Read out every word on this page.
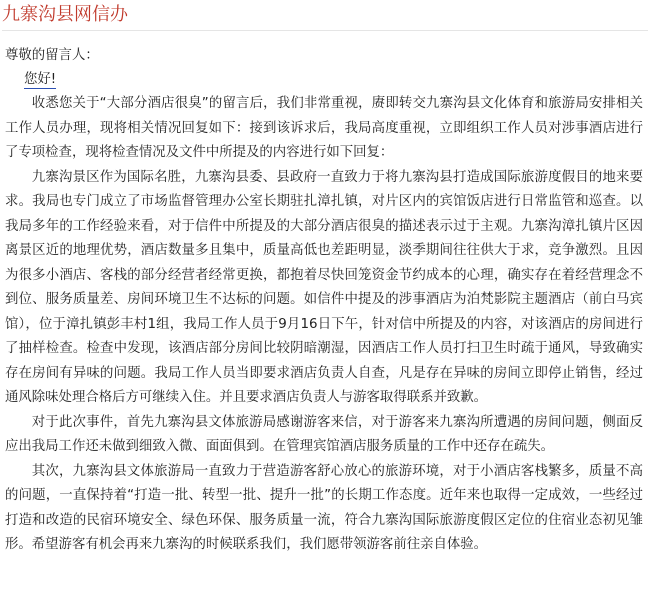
九寨沟县网信办
尊敬的留言人：
您好!

收悉您关于“大部分酒店很臭”的留言后，我们非常重视，赓即转交九寨沟县文化体育和旅游局安排相关工作人员办理，现将相关情况回复如下：接到该诉求后，我局高度重视，立即组织工作人员对涉事酒店进行了专项检查，现将检查情况及文件中所提及的内容进行如下回复：

九寨沟景区作为国际名胜，九寨沟县委、县政府一直致力于将九寨沟县打造成国际旅游度假目的地来要求。我局也专门成立了市场监督管理办公室长期驻扎漳扎镇，对片区内的宾馆饭店进行日常监管和巡查。以我局多年的工作经验来看，对于信件中所提及的大部分酒店很臭的描述表示过于主观。九寨沟漳扎镇片区因离景区近的地理优势，酒店数量多且集中，质量高低也差距明显，淡季期间往往供大于求，竞争激烈。且因为很多小酒店、客栈的部分经营者经常更换，都抱着尽快回笼资金节约成本的心理，确实存在着经营理念不到位、服务质量差、房间环境卫生不达标的问题。如信件中提及的涉事酒店为泊梵影院主题酒店（前白马宾馆），位于漳扎镇彭丰村1组，我局工作人员于9月16日下午，针对信中所提及的内容，对该酒店的房间进行了抽样检查。检查中发现，该酒店部分房间比较阴暗潮湿，因酒店工作人员打扫卫生时疏于通风，导致确实存在房间有异味的问题。我局工作人员当即要求酒店负责人自查，凡是存在异味的房间立即停止销售，经过通风除味处理合格后方可继续入住。并且要求酒店负责人与游客取得联系并致歉。

对于此次事件，首先九寨沟县文体旅游局感谢游客来信，对于游客来九寨沟所遭遇的房间问题，侧面反应出我局工作还未做到细致入微、面面俱到。在管理宾馆酒店服务质量的工作中还存在疏失。

其次，九寨沟县文体旅游局一直致力于营造游客舒心放心的旅游环境，对于小酒店客栈繁多，质量不高的问题，一直保持着“打造一批、转型一批、提升一批”的长期工作态度。近年来也取得一定成效，一些经过打造和改造的民宿环境安全、绿色环保、服务质量一流，符合九寨沟国际旅游度假区定位的住宿业态初见雏形。希望游客有机会再来九寨沟的时候联系我们，我们愿带领游客前往亲自体验。
